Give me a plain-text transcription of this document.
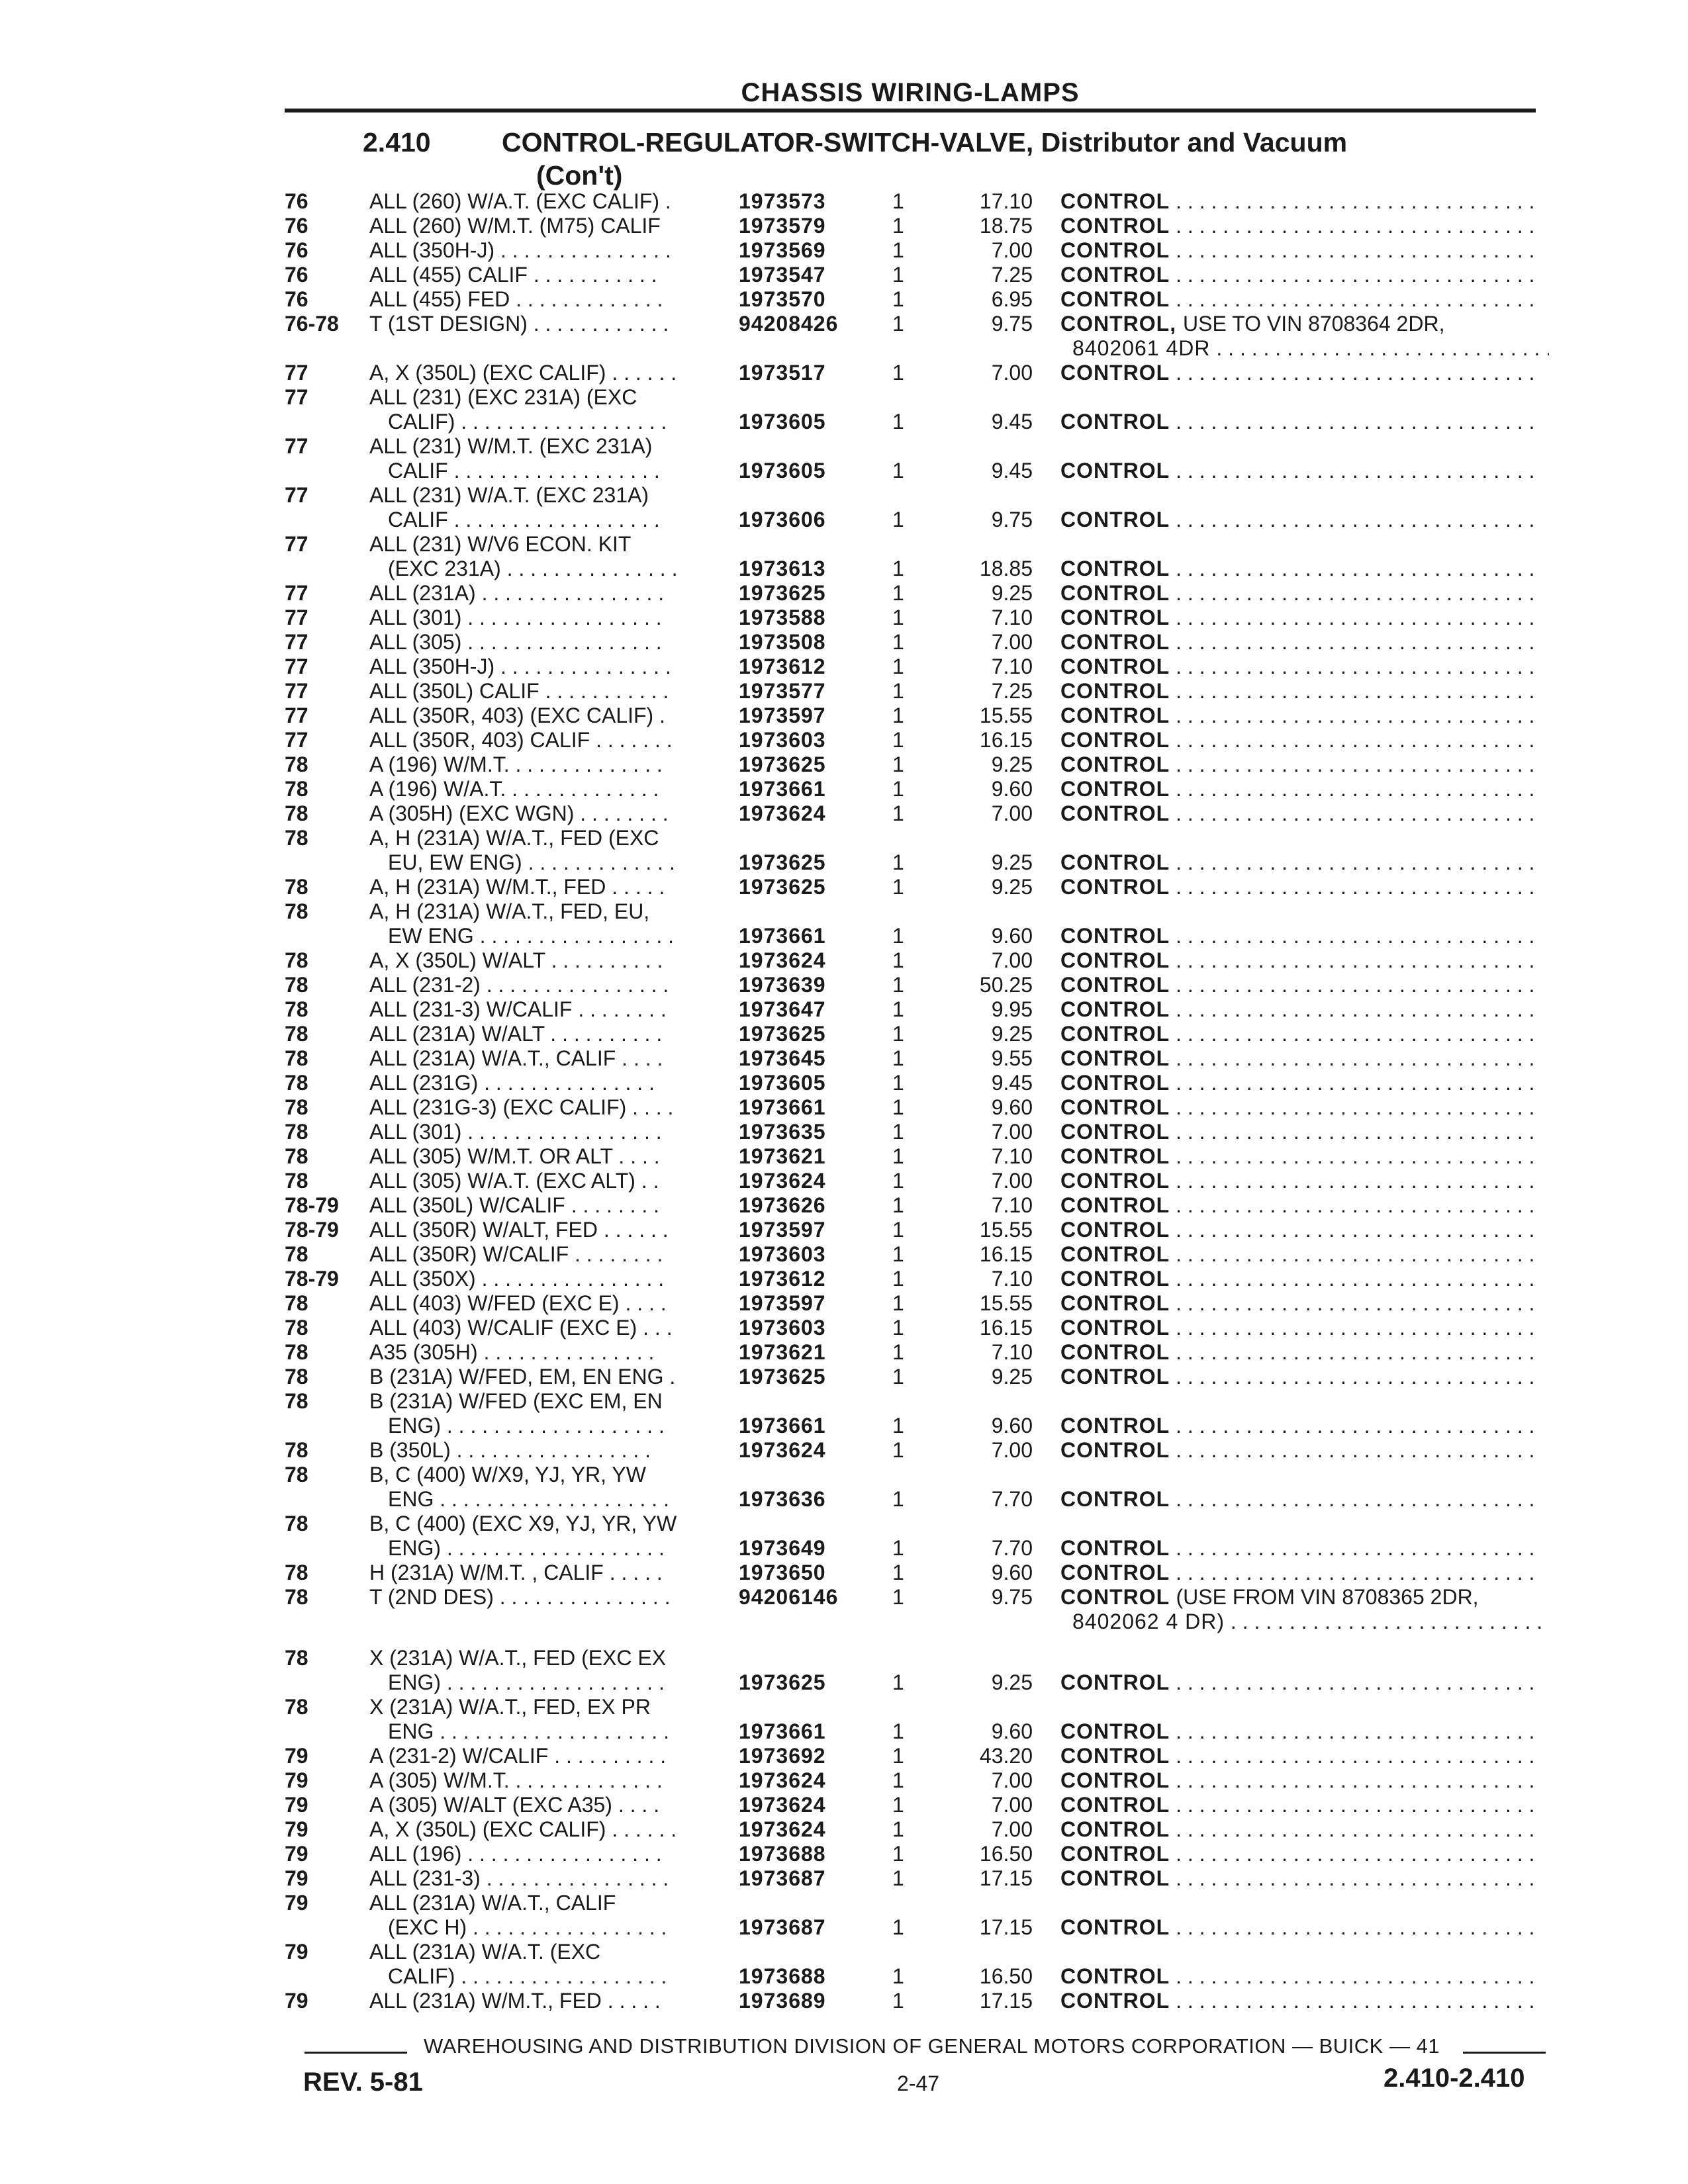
CHASSIS WIRING-LAMPS
2.410	CONTROL-REGULATOR-SWITCH-VALVE, Distributor and Vacuum
(Con't)
76	ALL (260) W/A.T. (EXC CALIF) .	1973573	1	17.10 CONTROL . . .
76	ALL (260) W/M.T. (M75) CALIF	1973579	1	18.75 CONTROL . . .
76	ALL (350H-J) . . . . . . . . . . . . . . .	1973569	1	7.00 CONTROL . . .
76	ALL (455) CALIF . . . . . . . . . . .	1973547	1	7.25 CONTROL . . .
76	ALL (455) FED . . . . . . . . . . . . .	1973570	1	6.95 CONTROL . . .
76-78 T (1ST DESIGN) . . . . . . . . . . . .	94208426	1	9.75 CONTROL, USE TO VIN 8708364 2DR,
8402061 4DR . . .
77	A, X (350L) (EXC CALIF) . . . . . .	1973517	1	7.00 CONTROL . . .
77	ALL (231) (EXC 231A) (EXC
CALIF) . . . . . . . . . . . . . . . . . .	1973605	1	9.45 CONTROL . . .
77	ALL (231) W/M.T. (EXC 231A)
CALIF . . . . . . . . . . . . . . . . . .	1973605	1	9.45 CONTROL . . .
77	ALL (231) W/A.T. (EXC 231A)
CALIF . . . . . . . . . . . . . . . . . .	1973606	1	9.75 CONTROL . . .
77	ALL (231) W/V6 ECON. KIT
(EXC 231A) . . . . . . . . . . . . . . .	1973613	1	18.85 CONTROL . . .
77	ALL (231A) . . . . . . . . . . . . . . . .	1973625	1	9.25 CONTROL . . .
77	ALL (301) . . . . . . . . . . . . . . . . .	1973588	1	7.10 CONTROL . . .
77	ALL (305) . . . . . . . . . . . . . . . . .	1973508	1	7.00 CONTROL . . .
77	ALL (350H-J) . . . . . . . . . . . . . . .	1973612	1	7.10 CONTROL . . .
77	ALL (350L) CALIF . . . . . . . . . . .	1973577	1	7.25 CONTROL . . .
77	ALL (350R, 403) (EXC CALIF) .	1973597	1	15.55 CONTROL . . .
77	ALL (350R, 403) CALIF . . . . . . .	1973603	1	16.15 CONTROL . . .
78	A (196) W/M.T. . . . . . . . . . . . . .	1973625	1	9.25 CONTROL . . .
78	A (196) W/A.T. . . . . . . . . . . . . .	1973661	1	9.60 CONTROL . . .
78	A (305H) (EXC WGN) . . . . . . . .	1973624	1	7.00 CONTROL . . .
78	A, H (231A) W/A.T., FED (EXC
EU, EW ENG) . . . . . . . . . . . . .	1973625	1	9.25 CONTROL . . .
78	A, H (231A) W/M.T., FED . . . . .	1973625	1	9.25 CONTROL . . .
78	A, H (231A) W/A.T., FED, EU,
EW ENG . . . . . . . . . . . . . . . . .	1973661	1	9.60 CONTROL . . .
78	A, X (350L) W/ALT . . . . . . . . . .	1973624	1	7.00 CONTROL . . .
78	ALL (231-2) . . . . . . . . . . . . . . . .	1973639	1	50.25 CONTROL . . .
78	ALL (231-3) W/CALIF . . . . . . . .	1973647	1	9.95 CONTROL . . .
78	ALL (231A) W/ALT . . . . . . . . . .	1973625	1	9.25 CONTROL . . .
78	ALL (231A) W/A.T., CALIF . . . .	1973645	1	9.55 CONTROL . . .
78	ALL (231G) . . . . . . . . . . . . . . .	1973605	1	9.45 CONTROL . . .
78	ALL (231G-3) (EXC CALIF) . . . .	1973661	1	9.60 CONTROL . . .
78	ALL (301) . . . . . . . . . . . . . . . . .	1973635	1	7.00 CONTROL . . .
78	ALL (305) W/M.T. OR ALT . . . .	1973621	1	7.10 CONTROL . . .
78	ALL (305) W/A.T. (EXC ALT) . .	1973624	1	7.00 CONTROL . . .
78-79 ALL (350L) W/CALIF . . . . . . . .	1973626	1	7.10 CONTROL . . .
78-79 ALL (350R) W/ALT, FED . . . . . .	1973597	1	15.55 CONTROL . . .
78	ALL (350R) W/CALIF . . . . . . . .	1973603	1	16.15 CONTROL . . .
78-79 ALL (350X) . . . . . . . . . . . . . . . .	1973612	1	7.10 CONTROL . . .
78	ALL (403) W/FED (EXC E) . . . .	1973597	1	15.55 CONTROL . . .
78	ALL (403) W/CALIF (EXC E) . . .	1973603	1	16.15 CONTROL . . .
78	A35 (305H) . . . . . . . . . . . . . . .	1973621	1	7.10 CONTROL . . .
78	B (231A) W/FED, EM, EN ENG .	1973625	1	9.25 CONTROL . . .
78	B (231A) W/FED (EXC EM, EN
ENG) . . . . . . . . . . . . . . . . . . .	1973661	1	9.60 CONTROL . . .
78	B (350L) . . . . . . . . . . . . . . . . .	1973624	1	7.00 CONTROL . . .
78	B, C (400) W/X9, YJ, YR, YW
ENG . . . . . . . . . . . . . . . . . . . .	1973636	1	7.70 CONTROL . . .
78	B, C (400) (EXC X9, YJ, YR, YW
ENG) . . . . . . . . . . . . . . . . . . .	1973649	1	7.70 CONTROL . . .
78	H (231A) W/M.T. , CALIF . . . . .	1973650	1	9.60 CONTROL . . .
78	T (2ND DES) . . . . . . . . . . . . . . .	94206146	1	9.75 CONTROL (USE FROM VIN 8708365 2DR,
8402062 4 DR) . . .
78	X (231A) W/A.T., FED (EXC EX
ENG) . . . . . . . . . . . . . . . . . . .	1973625	1	9.25 CONTROL . . .
78	X (231A) W/A.T., FED, EX PR
ENG . . . . . . . . . . . . . . . . . . . .	1973661	1	9.60 CONTROL . . .
79	A (231-2) W/CALIF . . . . . . . . . .	1973692	1	43.20 CONTROL . . .
79	A (305) W/M.T. . . . . . . . . . . . . .	1973624	1	7.00 CONTROL . . .
79	A (305) W/ALT (EXC A35) . . . .	1973624	1	7.00 CONTROL . . .
79	A, X (350L) (EXC CALIF) . . . . . .	1973624	1	7.00 CONTROL . . .
79	ALL (196) . . . . . . . . . . . . . . . . .	1973688	1	16.50 CONTROL . . .
79	ALL (231-3) . . . . . . . . . . . . . . . .	1973687	1	17.15 CONTROL . . .
79	ALL (231A) W/A.T., CALIF
(EXC H) . . . . . . . . . . . . . . . . .	1973687	1	17.15 CONTROL . . .
79	ALL (231A) W/A.T. (EXC
CALIF) . . . . . . . . . . . . . . . . . .	1973688	1	16.50 CONTROL . . .
79	ALL (231A) W/M.T., FED . . . . .	1973689	1	17.15 CONTROL . . .
WAREHOUSING AND DISTRIBUTION DIVISION OF GENERAL MOTORS CORPORATION — BUICK — 41
REV. 5-81	2-47	2.410-2.410
